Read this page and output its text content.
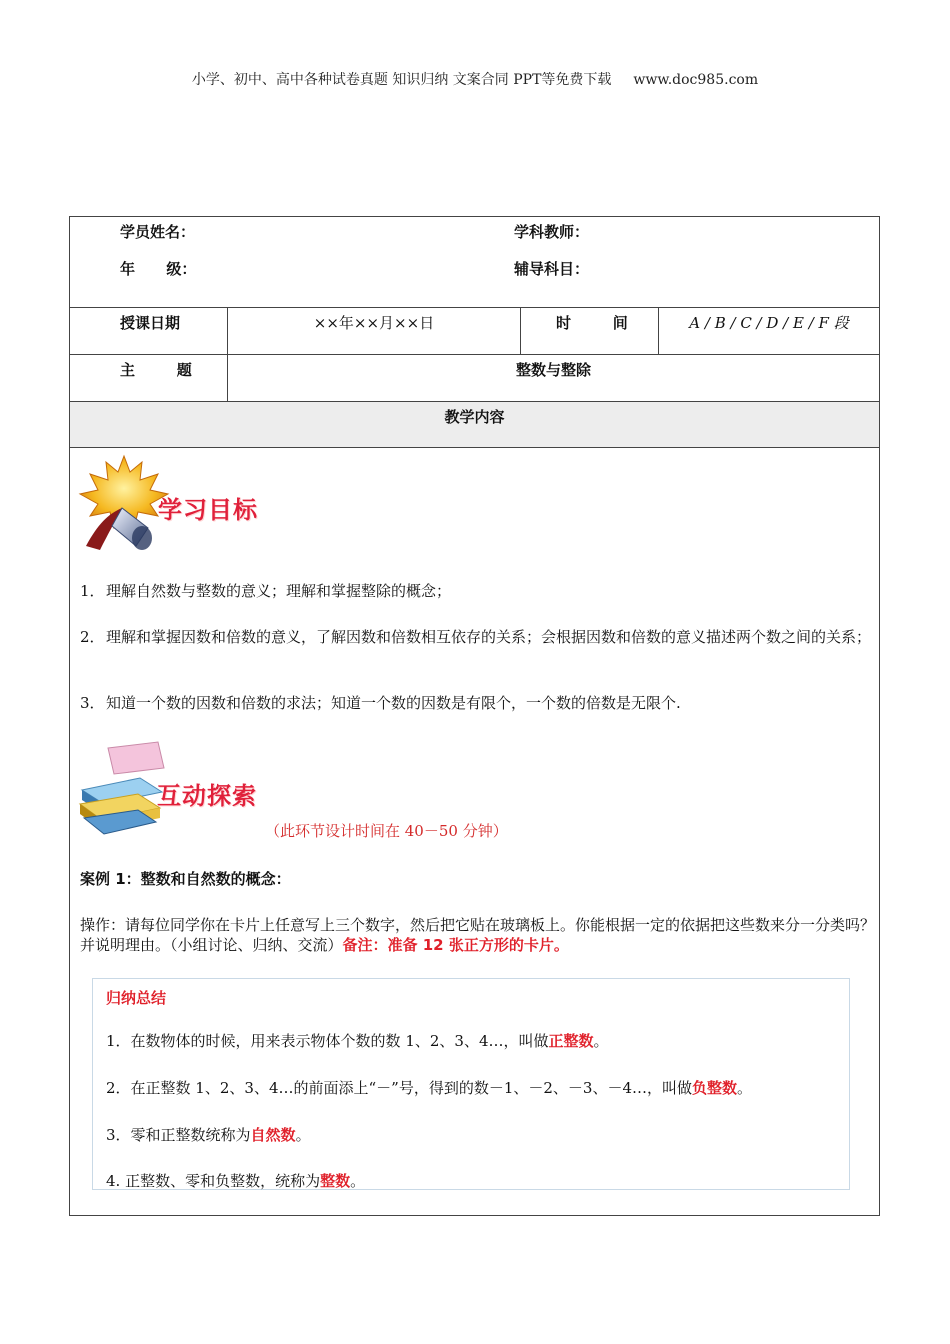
小学、初中、高中各种试卷真题 知识归纳 文案合同 PPT等免费下载 www.doc985.com
学员姓名：	学科教师：
年      级：	辅导科目：
授课日期	××年××月××日	时        间	A / B / C / D / E / F 段
主        题	整数与整除
教学内容
学习目标
1．理解自然数与整数的意义；理解和掌握整除的概念；
2．理解和掌握因数和倍数的意义，了解因数和倍数相互依存的关系；会根据因数和倍数的意义描述两个数之间的关系；
3．知道一个数的因数和倍数的求法；知道一个数的因数是有限个，一个数的倍数是无限个.
互动探索
（此环节设计时间在 40－50 分钟）
案例 1：整数和自然数的概念：
操作：请每位同学你在卡片上任意写上三个数字，然后把它贴在玻璃板上。你能根据一定的依据把这些数来分一分类吗？并说明理由。（小组讨论、归纳、交流）备注：准备 12 张正方形的卡片。
归纳总结
1．在数物体的时候，用来表示物体个数的数 1、2、3、4…，叫做正整数。
2．在正整数 1、2、3、4…的前面添上“－”号，得到的数－1、－2、－3、－4…，叫做负整数。
3．零和正整数统称为自然数。
4. 正整数、零和负整数，统称为整数。
